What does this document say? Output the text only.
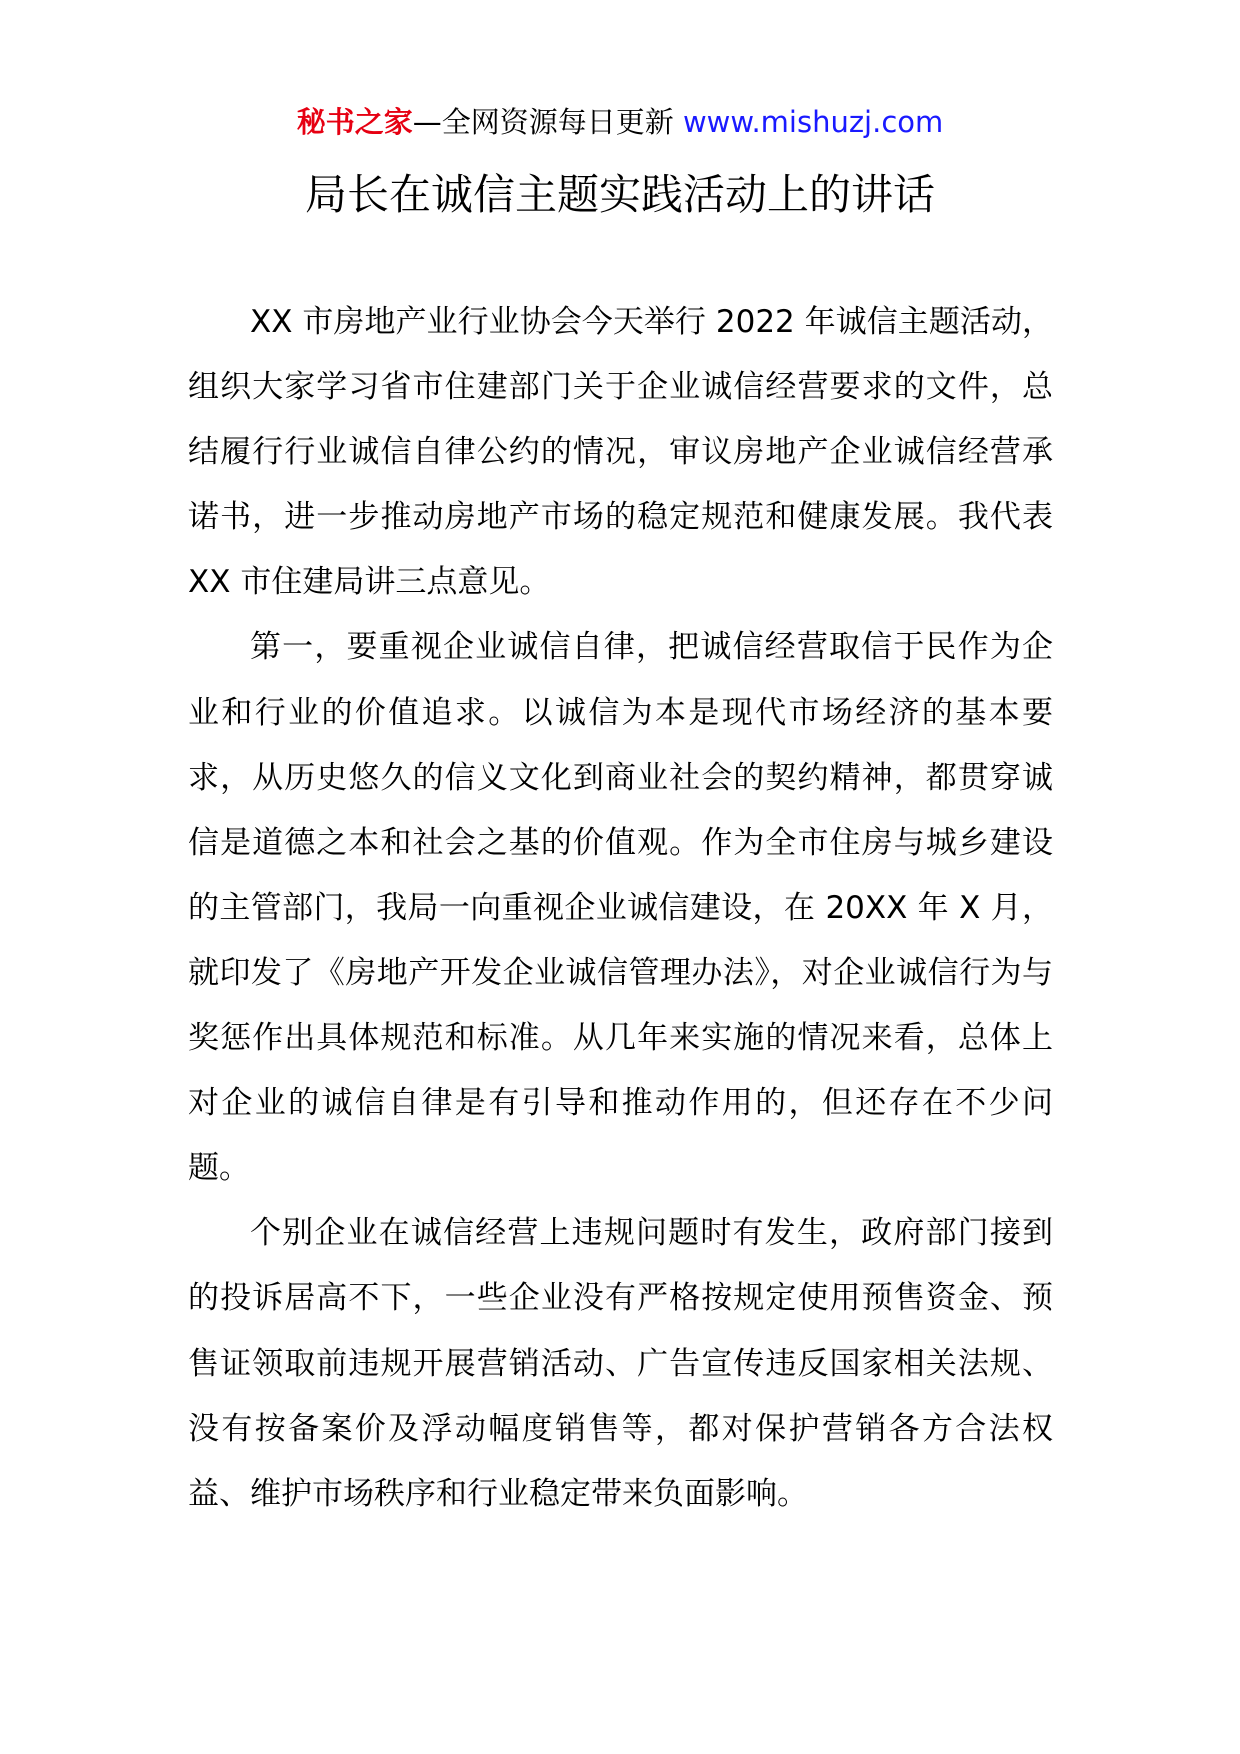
秘书之家—全网资源每日更新 www.mishuzj.com
局长在诚信主题实践活动上的讲话

XX 市房地产业行业协会今天举行 2022 年诚信主题活动，组织大家学习省市住建部门关于企业诚信经营要求的文件，总结履行行业诚信自律公约的情况，审议房地产企业诚信经营承诺书，进一步推动房地产市场的稳定规范和健康发展。我代表 XX 市住建局讲三点意见。

第一，要重视企业诚信自律，把诚信经营取信于民作为企业和行业的价值追求。以诚信为本是现代市场经济的基本要求，从历史悠久的信义文化到商业社会的契约精神，都贯穿诚信是道德之本和社会之基的价值观。作为全市住房与城乡建设的主管部门，我局一向重视企业诚信建设，在 20XX 年 X 月，就印发了《房地产开发企业诚信管理办法》，对企业诚信行为与奖惩作出具体规范和标准。从几年来实施的情况来看，总体上对企业的诚信自律是有引导和推动作用的，但还存在不少问题。

个别企业在诚信经营上违规问题时有发生，政府部门接到的投诉居高不下，一些企业没有严格按规定使用预售资金、预售证领取前违规开展营销活动、广告宣传违反国家相关法规、没有按备案价及浮动幅度销售等，都对保护营销各方合法权益、维护市场秩序和行业稳定带来负面影响。
